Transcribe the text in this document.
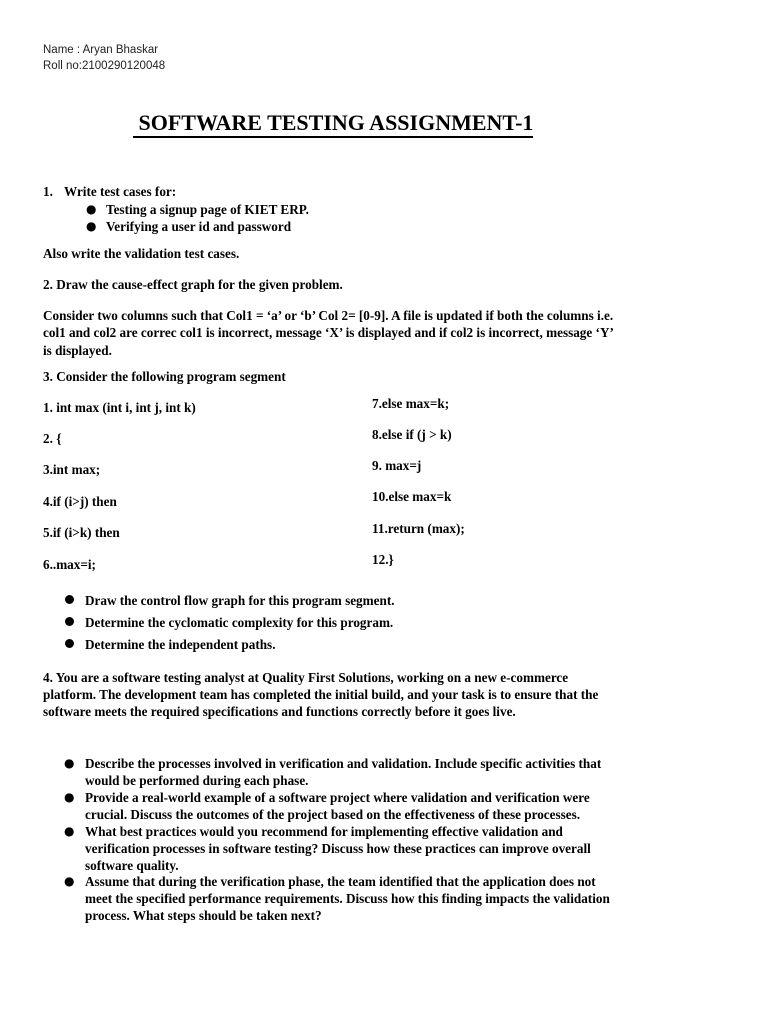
Name : Aryan Bhaskar
Roll no:2100290120048
SOFTWARE TESTING ASSIGNMENT-1
1. Write test cases for:
● Testing a signup page of KIET ERP.
● Verifying a user id and password
Also write the validation test cases.
2. Draw the cause-effect graph for the given problem.
Consider two columns such that Col1 = ‘a’ or ‘b’ Col 2= [0-9]. A file is updated if both the columns i.e.
col1 and col2 are correc col1 is incorrect, message ‘X’ is displayed and if col2 is incorrect, message ‘Y’
is displayed.
3. Consider the following program segment
1. int max (int i, int j, int k)
2. {
3.int max;
4.if (i>j) then
5.if (i>k) then
6..max=i;
7.else max=k;
8.else if (j > k)
9. max=j
10.else max=k
11.return (max);
12.}
Draw the control flow graph for this program segment.
Determine the cyclomatic complexity for this program.
Determine the independent paths.
4. You are a software testing analyst at Quality First Solutions, working on a new e-commerce
platform. The development team has completed the initial build, and your task is to ensure that the
software meets the required specifications and functions correctly before it goes live.
● Describe the processes involved in verification and validation. Include specific activities that
would be performed during each phase.
● Provide a real-world example of a software project where validation and verification were
crucial. Discuss the outcomes of the project based on the effectiveness of these processes.
● What best practices would you recommend for implementing effective validation and
verification processes in software testing? Discuss how these practices can improve overall
software quality.
● Assume that during the verification phase, the team identified that the application does not
meet the specified performance requirements. Discuss how this finding impacts the validation
process. What steps should be taken next?
